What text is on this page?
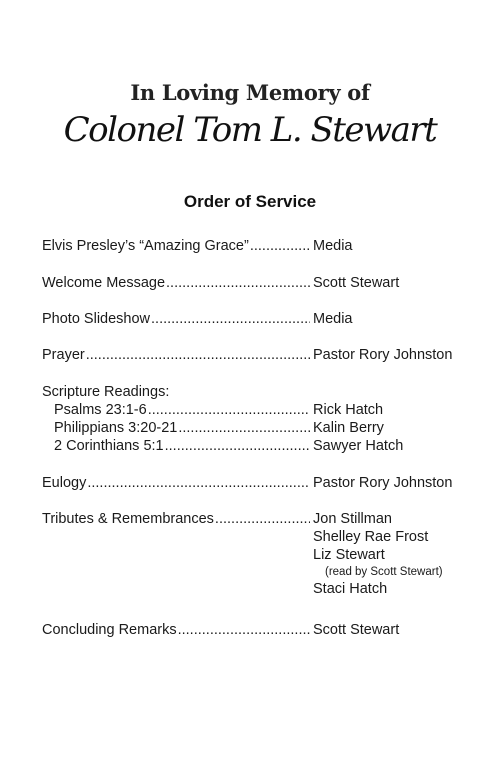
In Loving Memory of
Colonel Tom L. Stewart
Order of Service
Elvis Presley’s “Amazing Grace” .....	Media
Welcome Message .....	Scott Stewart
Photo Slideshow .....	Media
Prayer .....	Pastor Rory Johnston
Scripture Readings:
Psalms 23:1-6 .....	Rick Hatch
Philippians 3:20-21 .....	Kalin Berry
2 Corinthians 5:1 .....	Sawyer Hatch
Eulogy .....	Pastor Rory Johnston
Tributes & Remembrances .....	Jon Stillman
Shelley Rae Frost
Liz Stewart
(read by Scott Stewart)
Staci Hatch
Concluding Remarks .....	Scott Stewart
